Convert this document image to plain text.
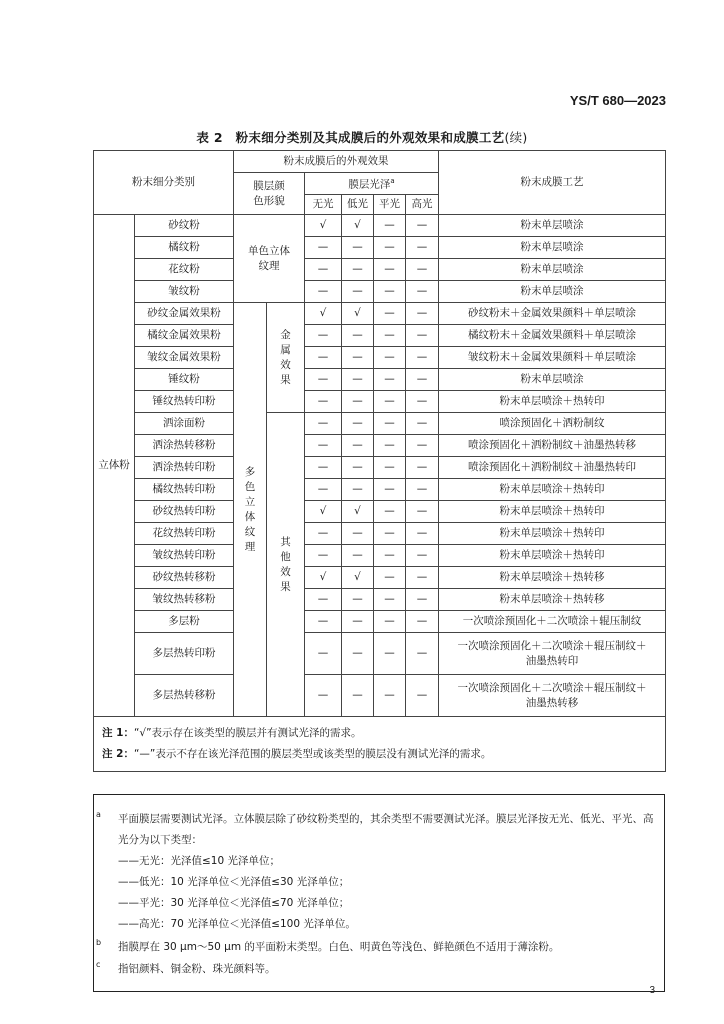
YS/T 680—2023
表 2　粉末细分类别及其成膜后的外观效果和成膜工艺(续)
粉末细分类别		粉末成膜后的外观效果						粉末成膜工艺
		膜层颜色形貌		膜层光泽$^a$
				无光	低光	平光	高光	
立体粉	砂纹粉	单色立体纹理		√	√	—	—	粉末单层喷涂
	橘纹粉			—	—	—	—	粉末单层喷涂
	花纹粉			—	—	—	—	粉末单层喷涂
	皱纹粉			—	—	—	—	粉末单层喷涂
	砂纹金属效果粉	多色立体纹理	金属效果	√	√	—	—	砂纹粉末＋金属效果颜料＋单层喷涂
	橘纹金属效果粉			—	—	—	—	橘纹粉末＋金属效果颜料＋单层喷涂
	皱纹金属效果粉			—	—	—	—	皱纹粉末＋金属效果颜料＋单层喷涂
	锤纹粉			—	—	—	—	粉末单层喷涂
	锤纹热转印粉			—	—	—	—	粉末单层喷涂＋热转印
	洒涂面粉		其他效果	—	—	—	—	喷涂预固化＋洒粉制纹
	洒涂热转移粉			—	—	—	—	喷涂预固化＋洒粉制纹＋油墨热转移
	洒涂热转印粉			—	—	—	—	喷涂预固化＋洒粉制纹＋油墨热转印
	橘纹热转印粉			—	—	—	—	粉末单层喷涂＋热转印
	砂纹热转印粉			√	√	—	—	粉末单层喷涂＋热转印
	花纹热转印粉			—	—	—	—	粉末单层喷涂＋热转印
	皱纹热转印粉			—	—	—	—	粉末单层喷涂＋热转印
	砂纹热转移粉			√	√	—	—	粉末单层喷涂＋热转移
	皱纹热转移粉			—	—	—	—	粉末单层喷涂＋热转移
	多层粉			—	—	—	—	一次喷涂预固化＋二次喷涂＋辊压制纹
	多层热转印粉			—	—	—	—	一次喷涂预固化＋二次喷涂＋辊压制纹＋油墨热转印
	多层热转移粉			—	—	—	—	一次喷涂预固化＋二次喷涂＋辊压制纹＋油墨热转移

注 1：“√”表示存在该类型的膜层并有测试光泽的需求。
注 2：“—”表示不存在该光泽范围的膜层类型或该类型的膜层没有测试光泽的需求。								
a 平面膜层需要测试光泽。立体膜层除了砂纹粉类型的，其余类型不需要测试光泽。膜层光泽按无光、低光、平光、高光分为以下类型：
——无光：光泽值≤10 光泽单位；
——低光：10 光泽单位＜光泽值≤30 光泽单位；
——平光：30 光泽单位＜光泽值≤70 光泽单位；
——高光：70 光泽单位＜光泽值≤100 光泽单位。
b 指膜厚在 30 μm～50 μm 的平面粉末类型。白色、明黄色等浅色、鲜艳颜色不适用于薄涂粉。
c 指铝颜料、铜金粉、珠光颜料等。
3
